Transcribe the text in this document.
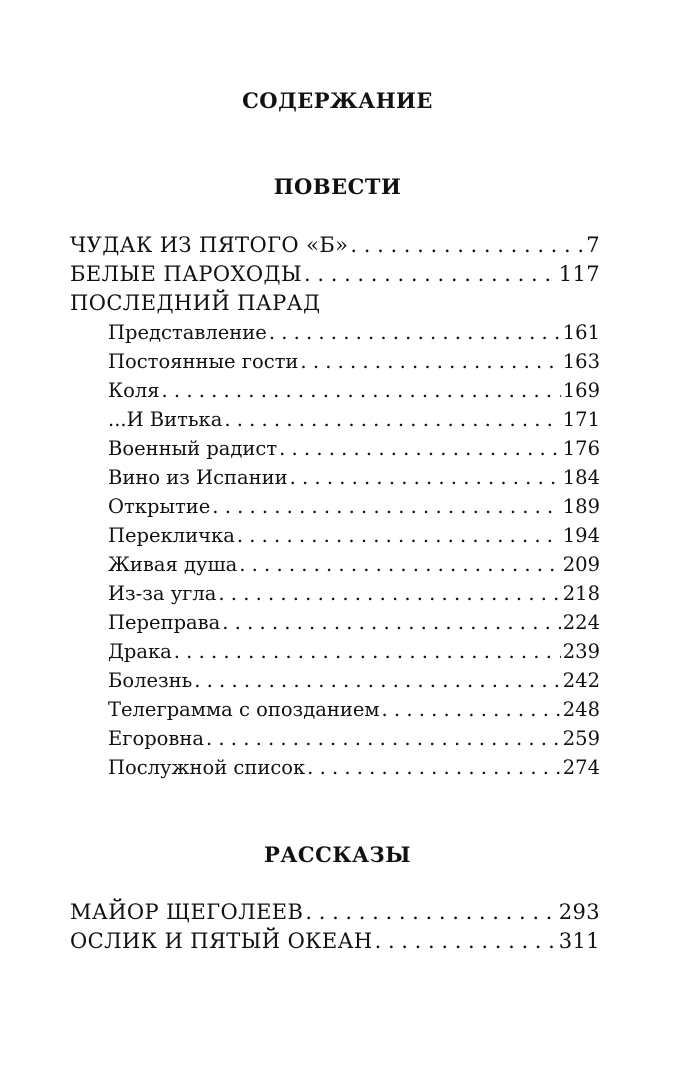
СОДЕРЖАНИЕ
ПОВЕСТИ
ЧУДАК ИЗ ПЯТОГО «Б» . . .	7
БЕЛЫЕ ПАРОХОДЫ . . .	117
ПОСЛЕДНИЙ ПАРАД
Представление . . .	161
Постоянные гости . . .	163
Коля . . .	169
...И Витька . . .	171
Военный радист . . .	176
Вино из Испании . . .	184
Открытие . . .	189
Перекличка . . .	194
Живая душа . . .	209
Из-за угла . . .	218
Переправа . . .	224
Драка . . .	239
Болезнь . . .	242
Телеграмма с опозданием . . .	248
Егоровна . . .	259
Послужной список . . .	274
РАССКАЗЫ
МАЙОР ЩЕГОЛЕЕВ . . .	293
ОСЛИК И ПЯТЫЙ ОКЕАН . . .	311
